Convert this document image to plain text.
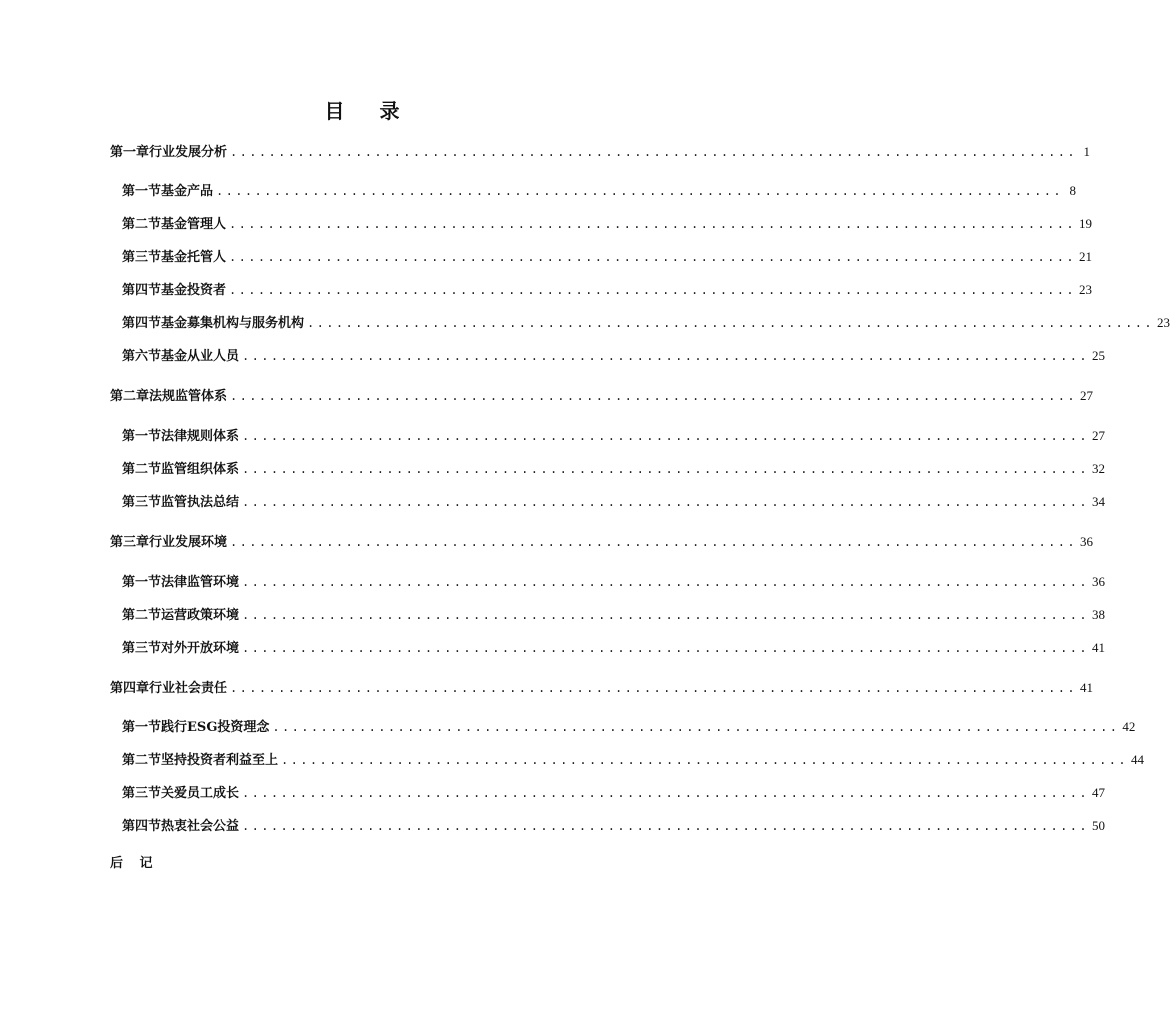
目 录
第一章 行业发展分析 ........................................................................................ 1
第一节 基金产品 ........................................................................................ 8
第二节 基金管理人 ........................................................................................ 19
第三节 基金托管人 ........................................................................................ 21
第四节 基金投资者 ........................................................................................ 23
第四节 基金募集机构与服务机构 ........................................................................................ 23
第六节 基金从业人员 ........................................................................................ 25
第二章 法规监管体系 ........................................................................................ 27
第一节 法律规则体系 ........................................................................................ 27
第二节 监管组织体系 ........................................................................................ 32
第三节 监管执法总结 ........................................................................................ 34
第三章 行业发展环境 ........................................................................................ 36
第一节 法律监管环境 ........................................................................................ 36
第二节 运营政策环境 ........................................................................................ 38
第三节 对外开放环境 ........................................................................................ 41
第四章 行业社会责任 ........................................................................................ 41
第一节 践行ESG投资理念 ........................................................................................ 42
第二节 坚持投资者利益至上 ........................................................................................ 44
第三节 关爱员工成长 ........................................................................................ 47
第四节 热衷社会公益 ........................................................................................ 50
后 记
